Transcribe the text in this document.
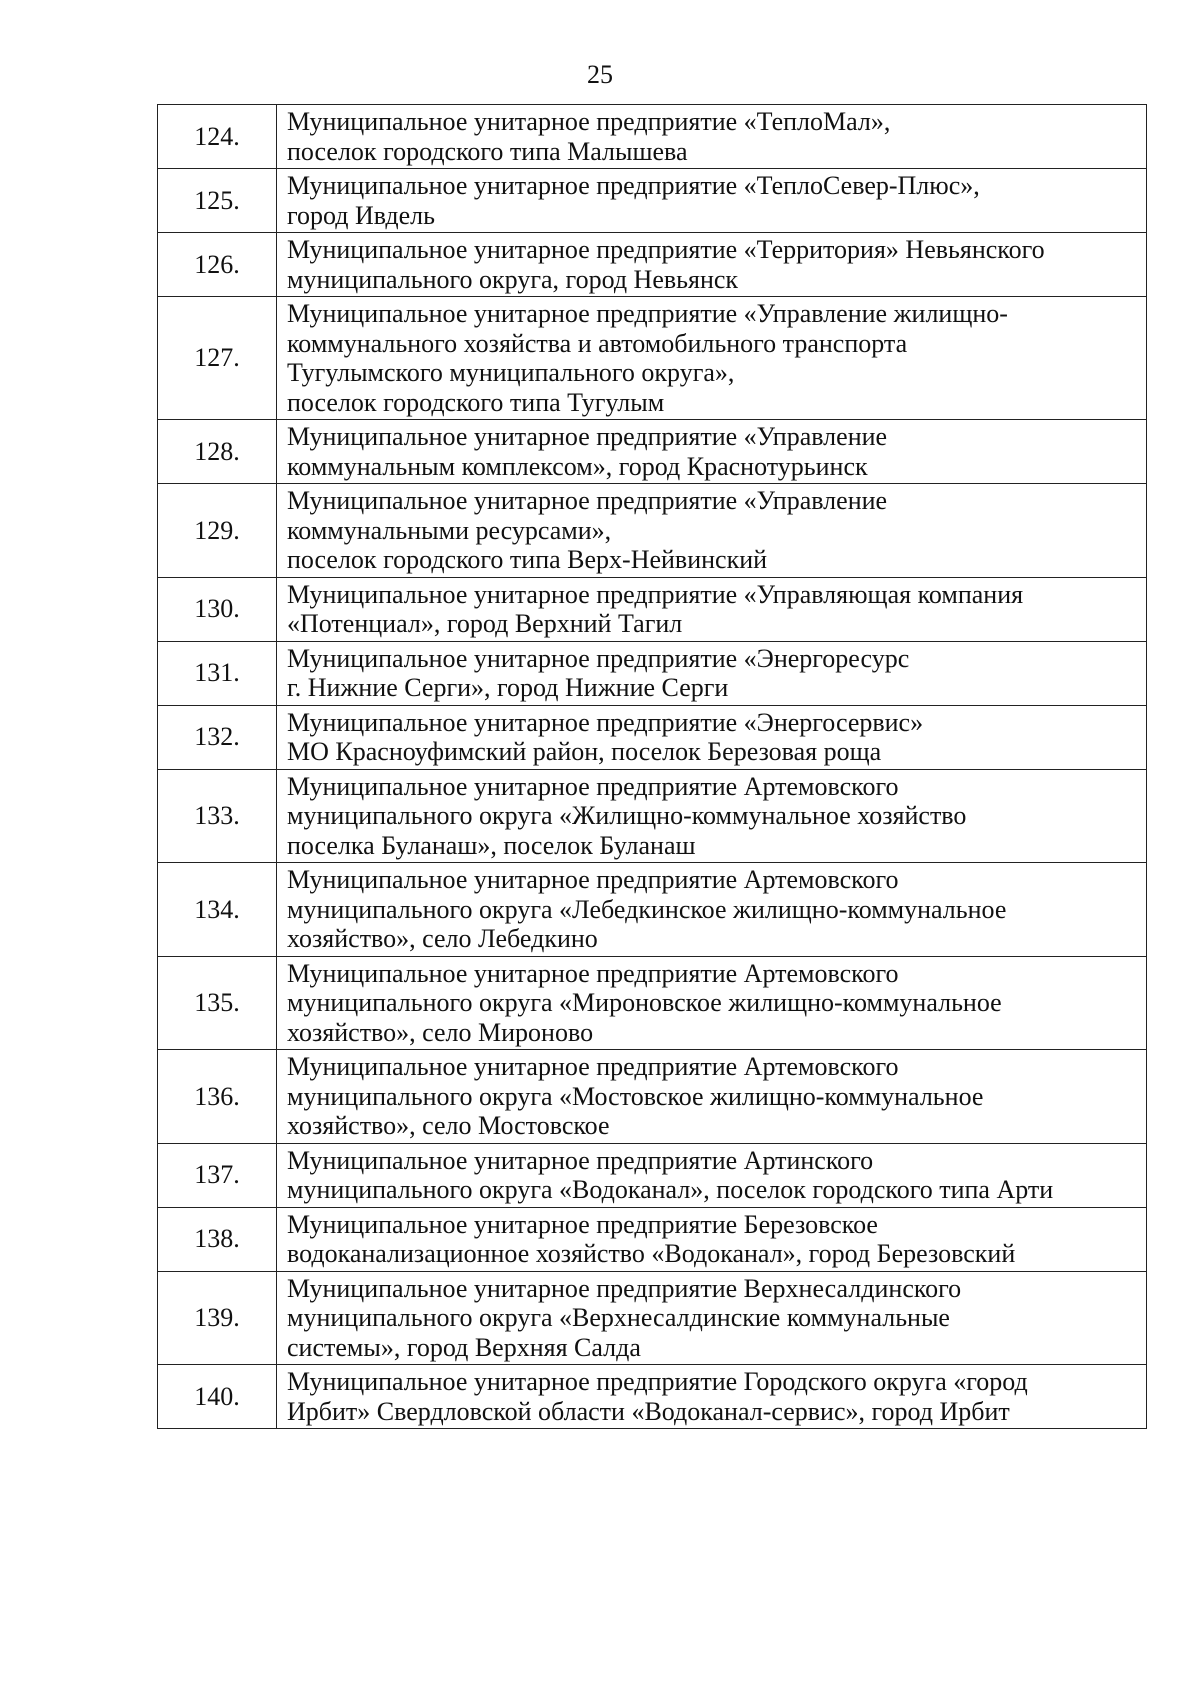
25
124.	Муниципальное унитарное предприятие «ТеплоМал»,
поселок городского типа Малышева
125.	Муниципальное унитарное предприятие «ТеплоСевер-Плюс»,
город Ивдель
126.	Муниципальное унитарное предприятие «Территория» Невьянского
муниципального округа, город Невьянск
127.	Муниципальное унитарное предприятие «Управление жилищно-
коммунального хозяйства и автомобильного транспорта
Тугулымского муниципального округа»,
поселок городского типа Тугулым
128.	Муниципальное унитарное предприятие «Управление
коммунальным комплексом», город Краснотурьинск
129.	Муниципальное унитарное предприятие «Управление
коммунальными ресурсами»,
поселок городского типа Верх-Нейвинский
130.	Муниципальное унитарное предприятие «Управляющая компания
«Потенциал», город Верхний Тагил
131.	Муниципальное унитарное предприятие «Энергоресурс
г. Нижние Серги», город Нижние Серги
132.	Муниципальное унитарное предприятие «Энергосервис»
МО Красноуфимский район, поселок Березовая роща
133.	Муниципальное унитарное предприятие Артемовского
муниципального округа «Жилищно-коммунальное хозяйство
поселка Буланаш», поселок Буланаш
134.	Муниципальное унитарное предприятие Артемовского
муниципального округа «Лебедкинское жилищно-коммунальное
хозяйство», село Лебедкино
135.	Муниципальное унитарное предприятие Артемовского
муниципального округа «Мироновское жилищно-коммунальное
хозяйство», село Мироново
136.	Муниципальное унитарное предприятие Артемовского
муниципального округа «Мостовское жилищно-коммунальное
хозяйство», село Мостовское
137.	Муниципальное унитарное предприятие Артинского
муниципального округа «Водоканал», поселок городского типа Арти
138.	Муниципальное унитарное предприятие Березовское
водоканализационное хозяйство «Водоканал», город Березовский
139.	Муниципальное унитарное предприятие Верхнесалдинского
муниципального округа «Верхнесалдинские коммунальные
системы», город Верхняя Салда
140.	Муниципальное унитарное предприятие Городского округа «город
Ирбит» Свердловской области «Водоканал-сервис», город Ирбит
